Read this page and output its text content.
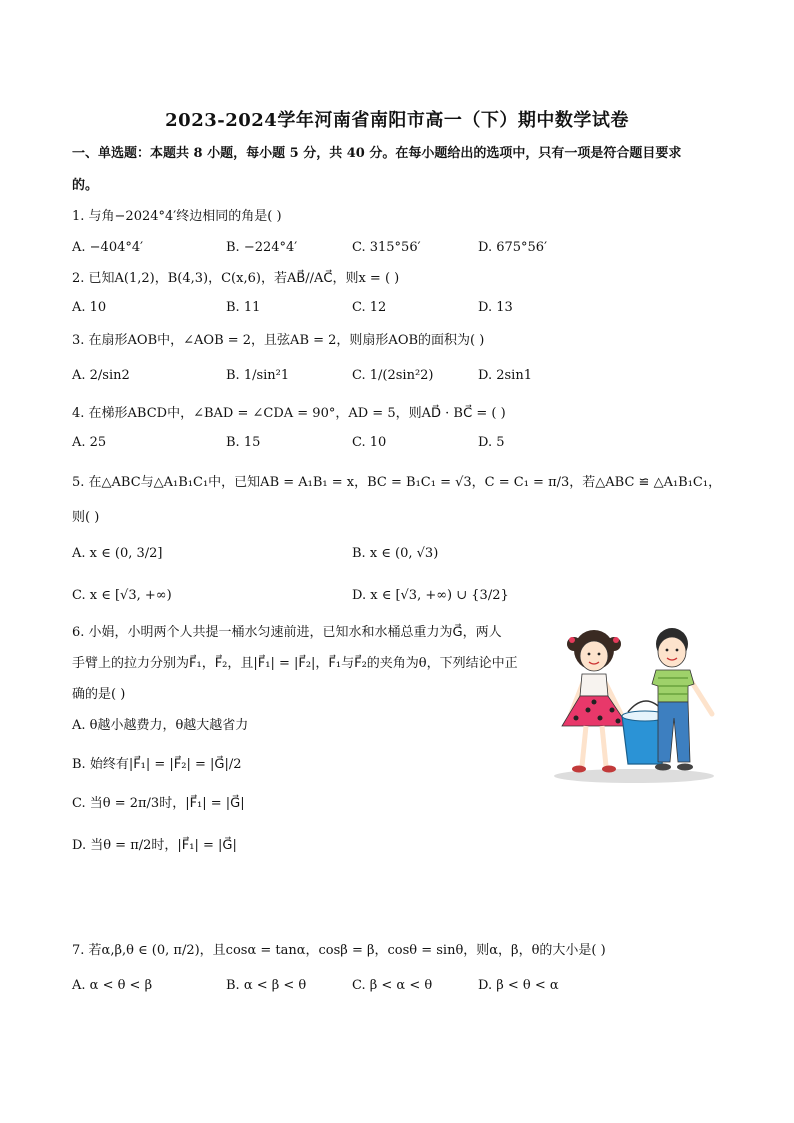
2023-2024学年河南省南阳市高一（下）期中数学试卷
一、单选题：本题共 8 小题，每小题 5 分，共 40 分。在每小题给出的选项中，只有一项是符合题目要求
的。
1. 与角−2024°4′终边相同的角是( )
A. −404°4′	B. −224°4′	C. 315°56′	D. 675°56′
2. 已知A(1,2)，B(4,3)，C(x,6)，若AB⃗//AC⃗，则x = ( )
A. 10	B. 11	C. 12	D. 13
3. 在扇形AOB中，∠AOB = 2，且弦AB = 2，则扇形AOB的面积为( )
A. 2/sin2	B. 1/sin²1	C. 1/(2sin²2)	D. 2sin1
4. 在梯形ABCD中，∠BAD = ∠CDA = 90°，AD = 5，则AD⃗ · BC⃗ = ( )
A. 25	B. 15	C. 10	D. 5
5. 在△ABC与△A₁B₁C₁中，已知AB = A₁B₁ = x，BC = B₁C₁ = √3，C = C₁ = π/3，若△ABC ≌ △A₁B₁C₁，
则( )
A. x ∈ (0, 3/2]	B. x ∈ (0, √3)
C. x ∈ [√3, +∞)	D. x ∈ [√3, +∞) ∪ {3/2}
6. 小娟，小明两个人共提一桶水匀速前进，已知水和水桶总重力为G⃗，两人
手臂上的拉力分别为F⃗₁，F⃗₂，且|F⃗₁| = |F⃗₂|，F⃗₁与F⃗₂的夹角为θ，下列结论中正
确的是( )
A. θ越小越费力，θ越大越省力
B. 始终有|F⃗₁| = |F⃗₂| = |G⃗|/2
C. 当θ = 2π/3时，|F⃗₁| = |G⃗|
D. 当θ = π/2时，|F⃗₁| = |G⃗|
7. 若α,β,θ ∈ (0, π/2)，且cosα = tanα，cosβ = β，cosθ = sinθ，则α，β，θ的大小是( )
A. α < θ < β	B. α < β < θ	C. β < α < θ	D. β < θ < α
